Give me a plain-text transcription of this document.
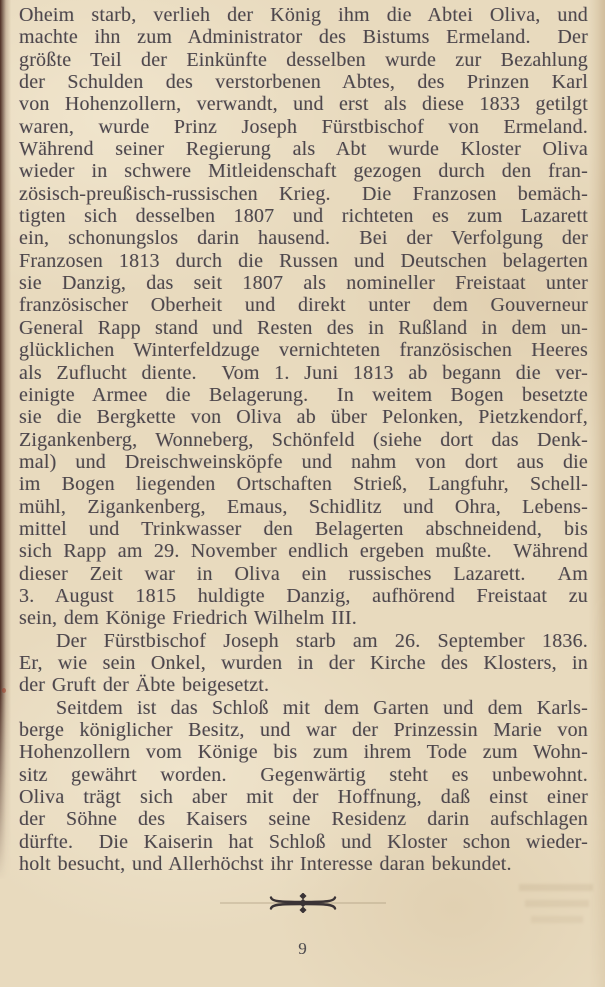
Oheim starb, verlieh der König ihm die Abtei Oliva, und
machte ihn zum Administrator des Bistums Ermeland.  Der
größte Teil der Einkünfte desselben wurde zur Bezahlung
der Schulden des verstorbenen Abtes, des Prinzen Karl
von Hohenzollern, verwandt, und erst als diese 1833 getilgt
waren, wurde Prinz Joseph Fürstbischof von Ermeland.
Während seiner Regierung als Abt wurde Kloster Oliva
wieder in schwere Mitleidenschaft gezogen durch den fran-
zösisch-preußisch-russischen Krieg.  Die Franzosen bemäch-
tigten sich desselben 1807 und richteten es zum Lazarett
ein, schonungslos darin hausend.  Bei der Verfolgung der
Franzosen 1813 durch die Russen und Deutschen belagerten
sie Danzig, das seit 1807 als nomineller Freistaat unter
französischer Oberheit und direkt unter dem Gouverneur
General Rapp stand und Resten des in Rußland in dem un-
glücklichen Winterfeldzuge vernichteten französischen Heeres
als Zuflucht diente.  Vom 1. Juni 1813 ab begann die ver-
einigte Armee die Belagerung.  In weitem Bogen besetzte
sie die Bergkette von Oliva ab über Pelonken, Pietzkendorf,
Zigankenberg, Wonneberg, Schönfeld (siehe dort das Denk-
mal) und Dreischweinsköpfe und nahm von dort aus die
im Bogen liegenden Ortschaften Strieß, Langfuhr, Schell-
mühl, Zigankenberg, Emaus, Schidlitz und Ohra, Lebens-
mittel und Trinkwasser den Belagerten abschneidend, bis
sich Rapp am 29. November endlich ergeben mußte.  Während
dieser Zeit war in Oliva ein russisches Lazarett.  Am
3. August 1815 huldigte Danzig, aufhörend Freistaat zu
sein, dem Könige Friedrich Wilhelm III.
Der Fürstbischof Joseph starb am 26. September 1836.
Er, wie sein Onkel, wurden in der Kirche des Klosters, in
der Gruft der Äbte beigesetzt.
Seitdem ist das Schloß mit dem Garten und dem Karls-
berge königlicher Besitz, und war der Prinzessin Marie von
Hohenzollern vom Könige bis zum ihrem Tode zum Wohn-
sitz gewährt worden.  Gegenwärtig steht es unbewohnt.
Oliva trägt sich aber mit der Hoffnung, daß einst einer
der Söhne des Kaisers seine Residenz darin aufschlagen
dürfte.  Die Kaiserin hat Schloß und Kloster schon wieder-
holt besucht, und Allerhöchst ihr Interesse daran bekundet.
9
